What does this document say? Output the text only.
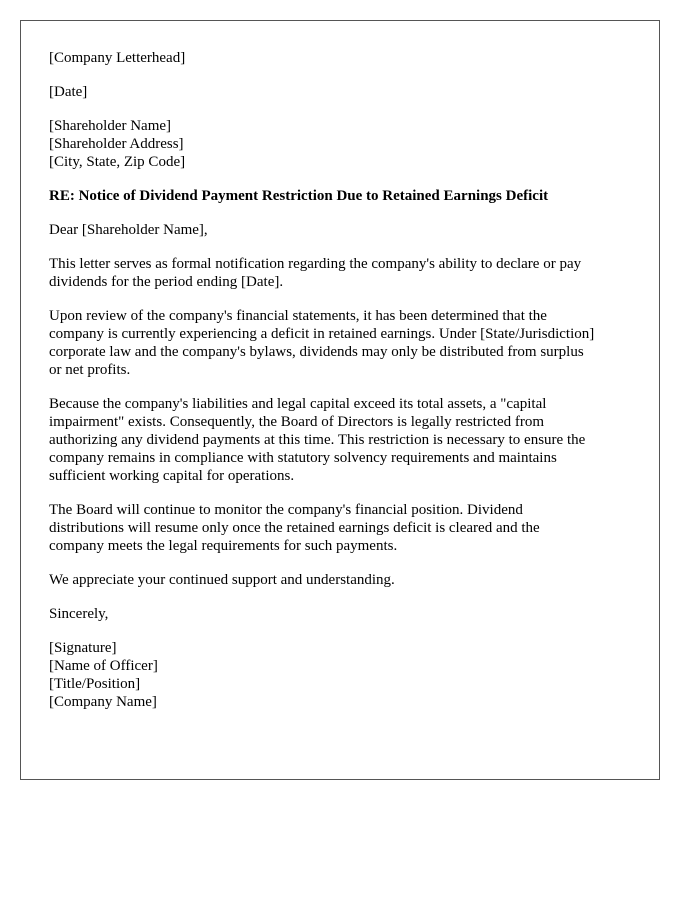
[Company Letterhead]
[Date]
[Shareholder Name]
[Shareholder Address]
[City, State, Zip Code]
RE: Notice of Dividend Payment Restriction Due to Retained Earnings Deficit
Dear [Shareholder Name],
This letter serves as formal notification regarding the company's ability to declare or pay
dividends for the period ending [Date].
Upon review of the company's financial statements, it has been determined that the
company is currently experiencing a deficit in retained earnings. Under [State/Jurisdiction]
corporate law and the company's bylaws, dividends may only be distributed from surplus
or net profits.
Because the company's liabilities and legal capital exceed its total assets, a "capital
impairment" exists. Consequently, the Board of Directors is legally restricted from
authorizing any dividend payments at this time. This restriction is necessary to ensure the
company remains in compliance with statutory solvency requirements and maintains
sufficient working capital for operations.
The Board will continue to monitor the company's financial position. Dividend
distributions will resume only once the retained earnings deficit is cleared and the
company meets the legal requirements for such payments.
We appreciate your continued support and understanding.
Sincerely,
[Signature]
[Name of Officer]
[Title/Position]
[Company Name]
